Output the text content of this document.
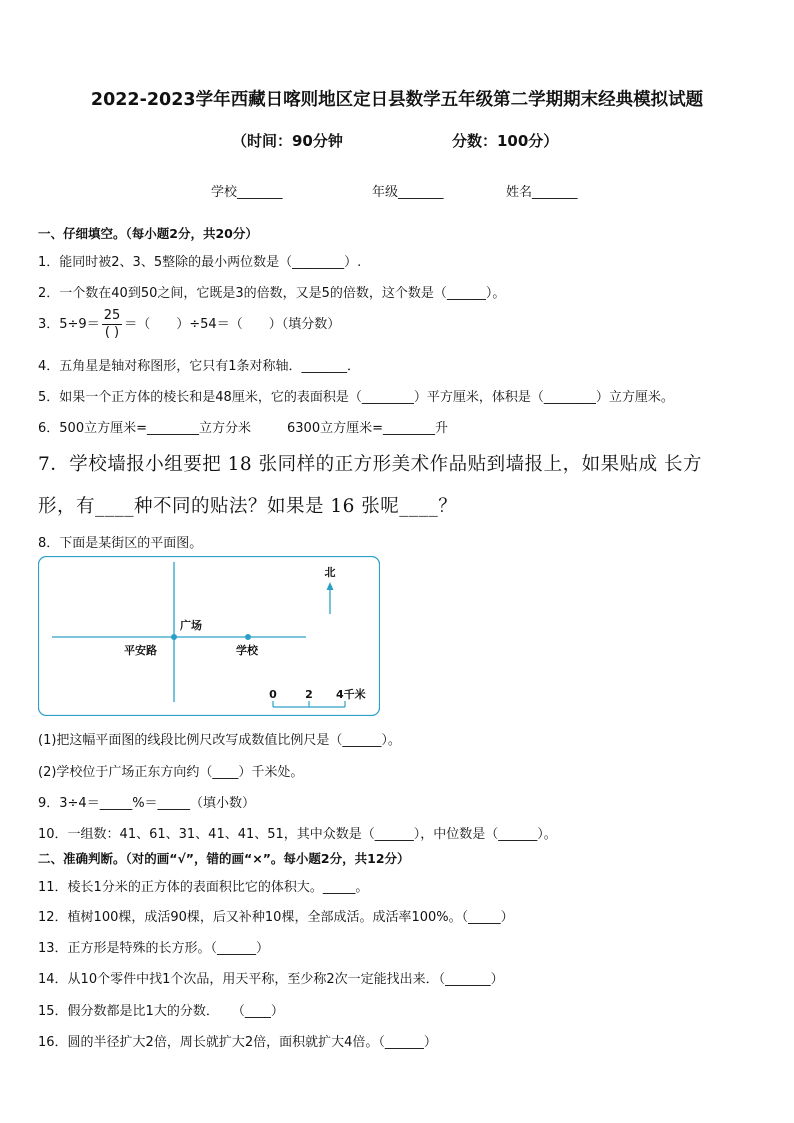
2022-2023学年西藏日喀则地区定日县数学五年级第二学期期末经典模拟试题
（时间：90分钟	分数：100分）
学校_______	年级_______	姓名_______
一、仔细填空。（每小题2分，共20分）
1．能同时被2、3、5整除的最小两位数是（________）.
2．一个数在40到50之间，它既是3的倍数，又是5的倍数，这个数是（______）。
3．$5\div 9= \frac{25}{( )}$ ＝（　　）÷54＝（　　）（填分数）
4．五角星是轴对称图形，它只有1条对称轴．_______．
5．如果一个正方体的棱长和是48厘米，它的表面积是（________）平方厘米，体积是（________）立方厘米。
6．500立方厘米=________立方分米	6300立方厘米=________升
7．学校墙报小组要把 18 张同样的正方形美术作品贴到墙报上，如果贴成 长方
形，有____种不同的贴法？如果是 16 张呢____？
8．下面是某街区的平面图。
北
广场
平安路	学校
0	2 4千米
(1)把这幅平面图的线段比例尺改写成数值比例尺是（______）。
(2)学校位于广场正东方向约（____）千米处。
9．3÷4＝_____%＝_____（填小数）
10．一组数：41、61、31、41、41、51，其中众数是（______），中位数是（______）。
二、准确判断。（对的画“√”，错的画“×”。每小题2分，共12分）
11．棱长1分米的正方体的表面积比它的体积大。_____。
12．植树100棵，成活90棵，后又补种10棵，全部成活。成活率100%。（_____）
13．正方形是特殊的长方形。（______）
14．从10个零件中找1个次品，用天平称，至少称2次一定能找出来．（_______）
15．假分数都是比1大的分数．　　（____）
16．圆的半径扩大2倍，周长就扩大2倍，面积就扩大4倍。（______）
